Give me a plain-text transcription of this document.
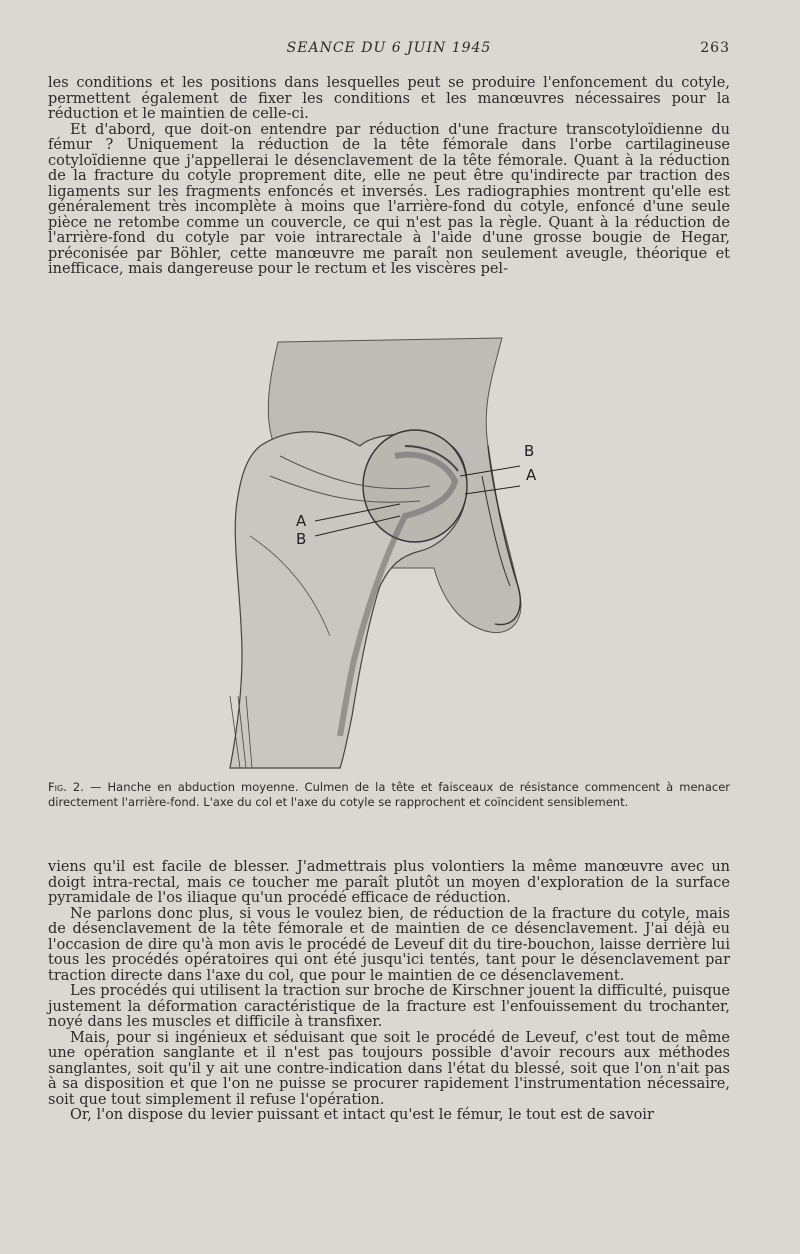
SEANCE DU 6 JUIN 1945	263

les conditions et les positions dans lesquelles peut se produire l'enfoncement du cotyle, permettent également de fixer les conditions et les manœuvres nécessaires pour la réduction et le maintien de celle-ci.

Et d'abord, que doit-on entendre par réduction d'une fracture transcotyloïdienne du fémur ? Uniquement la réduction de la tête fémorale dans l'orbe cartilagineuse cotyloïdienne que j'appellerai le désenclavement de la tête fémorale. Quant à la réduction de la fracture du cotyle proprement dite, elle ne peut être qu'indirecte par traction des ligaments sur les fragments enfoncés et inversés. Les radiographies montrent qu'elle est généralement très incomplète à moins que l'arrière-fond du cotyle, enfoncé d'une seule pièce ne retombe comme un couvercle, ce qui n'est pas la règle. Quant à la réduction de l'arrière-fond du cotyle par voie intrarectale à l'aide d'une grosse bougie de Hegar, préconisée par Böhler, cette manœuvre me paraît non seulement aveugle, théorique et inefficace, mais dangereuse pour le rectum et les viscères pel-

B
A
A
B
Fig. 2. — Hanche en abduction moyenne. Culmen de la tête et faisceaux de résistance commencent à menacer directement l'arrière-fond. L'axe du col et l'axe du cotyle se rapprochent et coïncident sensiblement.

viens qu'il est facile de blesser. J'admettrais plus volontiers la même manœuvre avec un doigt intra-rectal, mais ce toucher me paraît plutôt un moyen d'exploration de la surface pyramidale de l'os iliaque qu'un procédé efficace de réduction.

Ne parlons donc plus, si vous le voulez bien, de réduction de la fracture du cotyle, mais de désenclavement de la tête fémorale et de maintien de ce désenclavement. J'ai déjà eu l'occasion de dire qu'à mon avis le procédé de Leveuf dit du tire-bouchon, laisse derrière lui tous les procédés opératoires qui ont été jusqu'ici tentés, tant pour le désenclavement par traction directe dans l'axe du col, que pour le maintien de ce désenclavement.

Les procédés qui utilisent la traction sur broche de Kirschner jouent la difficulté, puisque justement la déformation caractéristique de la fracture est l'enfouissement du trochanter, noyé dans les muscles et difficile à transfixer.

Mais, pour si ingénieux et séduisant que soit le procédé de Leveuf, c'est tout de même une opération sanglante et il n'est pas toujours possible d'avoir recours aux méthodes sanglantes, soit qu'il y ait une contre-indication dans l'état du blessé, soit que l'on n'ait pas à sa disposition et que l'on ne puisse se procurer rapidement l'instrumentation nécessaire, soit que tout simplement il refuse l'opération.

Or, l'on dispose du levier puissant et intact qu'est le fémur, le tout est de savoir
